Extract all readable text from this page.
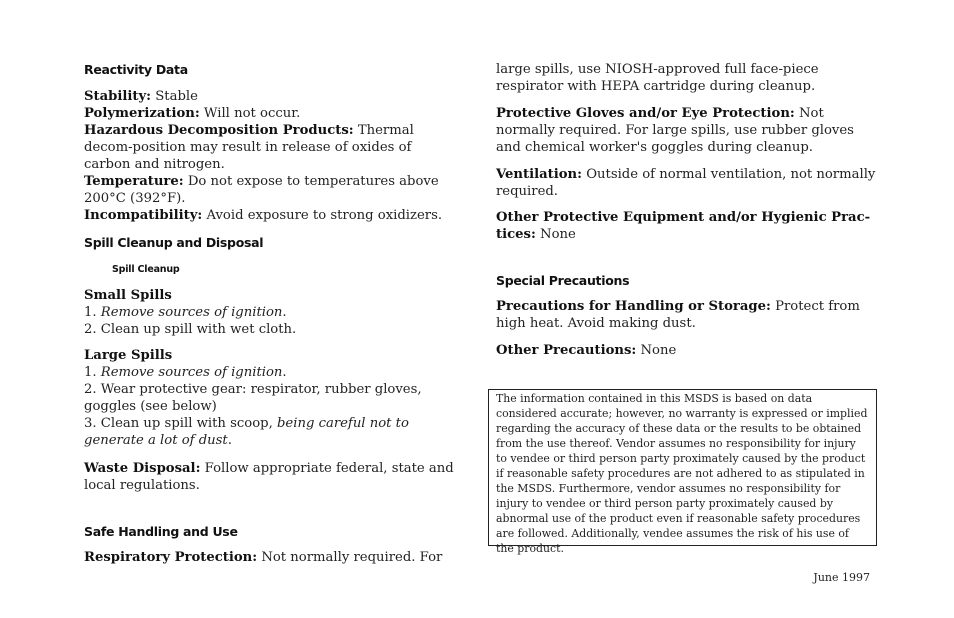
Reactivity Data

Stability: Stable

Polymerization: Will not occur.

Hazardous Decomposition Products: Thermal decom-position may result in release of oxides of carbon and nitrogen.

Temperature: Do not expose to temperatures above 200°C (392°F).

Incompatibility: Avoid exposure to strong oxidizers.

Spill Cleanup and Disposal
Spill Cleanup

Small Spills

1. Remove sources of ignition.

2. Clean up spill with wet cloth.

Large Spills

1. Remove sources of ignition.

2. Wear protective gear: respirator, rubber gloves, goggles (see below)

3. Clean up spill with scoop, being careful not to generate a lot of dust.

Waste Disposal: Follow appropriate federal, state and local regulations.

Safe Handling and Use

Respiratory Protection: Not normally required. For

large spills, use NIOSH-approved full face-piece respirator with HEPA cartridge during cleanup.

Protective Gloves and/or Eye Protection: Not normally required. For large spills, use rubber gloves and chemical worker's goggles during cleanup.

Ventilation: Outside of normal ventilation, not normally required.

Other Protective Equipment and/or Hygienic Prac-tices: None

Special Precautions

Precautions for Handling or Storage: Protect from high heat. Avoid making dust.

Other Precautions: None

The information contained in this MSDS is based on data considered accurate; however, no warranty is expressed or implied regarding the accuracy of these data or the results to be obtained from the use thereof. Vendor assumes no responsibility for injury to vendee or third person party proximately caused by the product if reasonable safety procedures are not adhered to as stipulated in the MSDS. Furthermore, vendor assumes no responsibility for injury to vendee or third person party proximately caused by abnormal use of the product even if reasonable safety procedures are followed. Additionally, vendee assumes the risk of his use of the product.
June 1997
